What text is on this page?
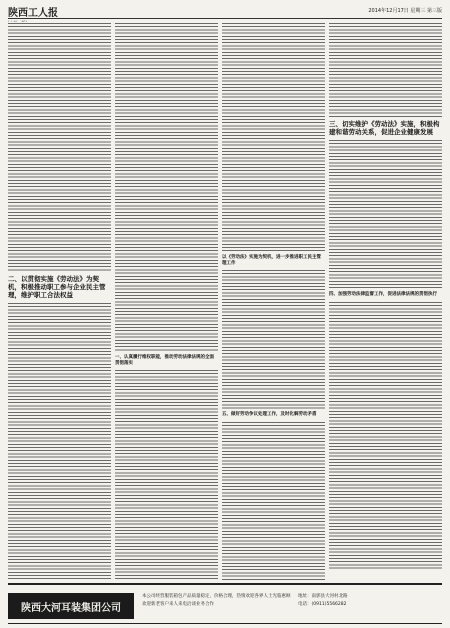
陕西工人报	2014年12月17日 星期三 第三版
二、以贯彻实施《劳动法》为契机，积极推动职工参与企业民主管理，维护职工合法权益
一、认真履行维权职能，推动劳动法律法规的全面贯彻落实
以《劳动法》实施为契机，进一步推进职工民主管理工作
五、做好劳动争议处理工作，及时化解劳动矛盾
三、切实维护《劳动法》实施，积极构建和谐劳动关系，促进企业健康发展
四、加强劳动法律监督工作，促进法律法规的贯彻执行
陕西大河耳装集团公司
本公司经营服装箱包产品质量稳定，价格合理，热情欢迎各界人士光临惠顾
欢迎新老客户来人来电洽谈业务合作
地址：南郭县大河村北路
电话：(0911)5566282
